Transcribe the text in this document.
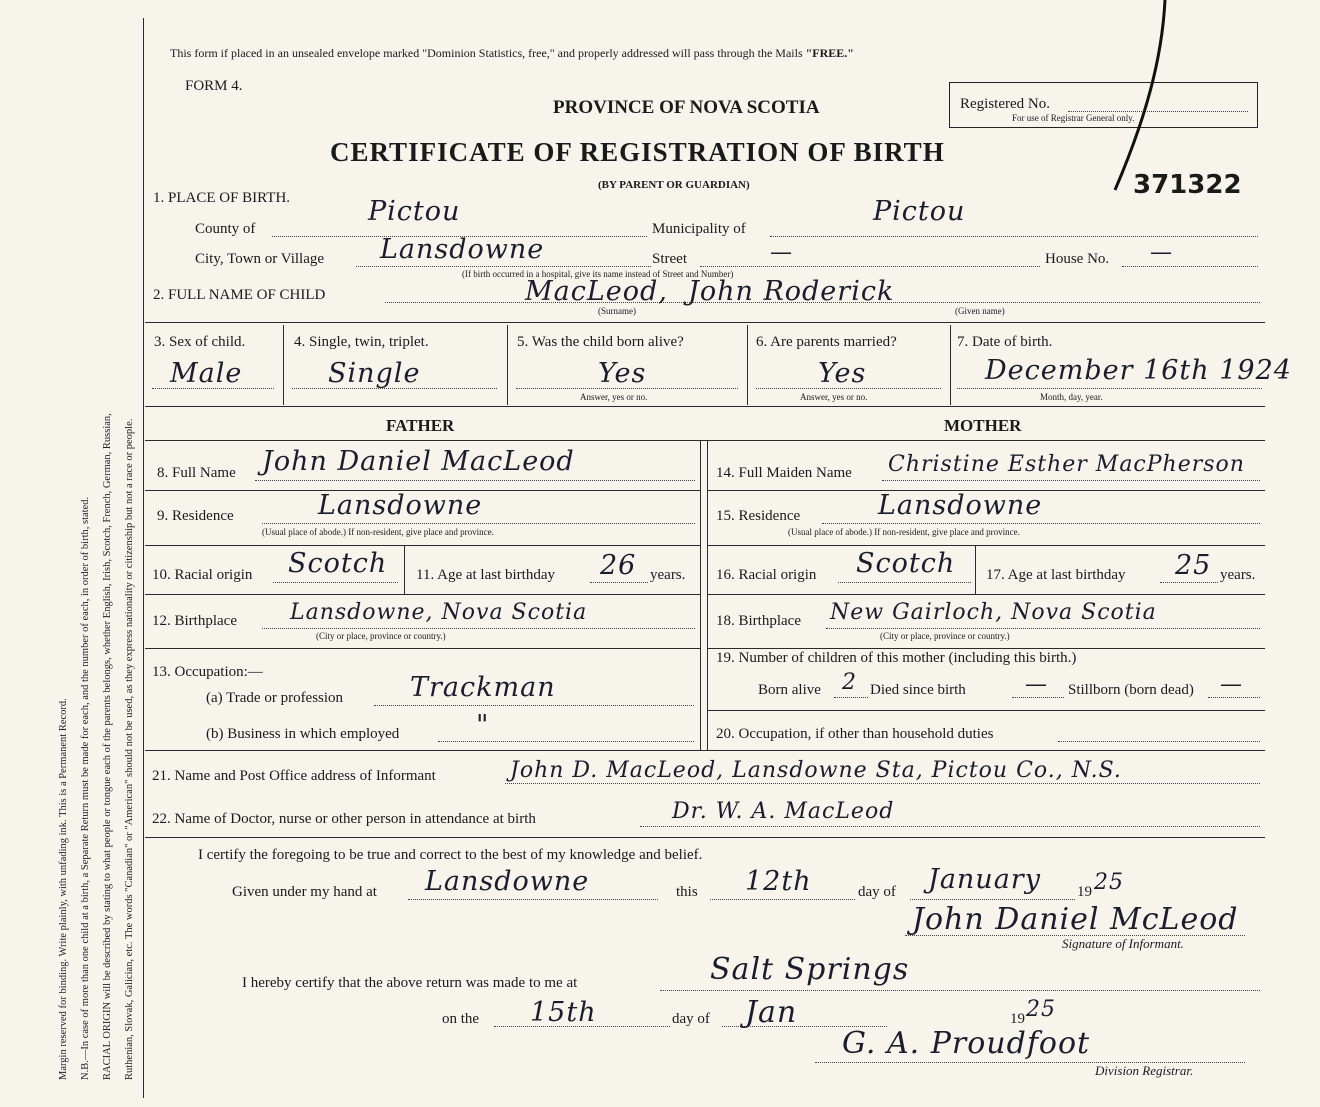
Margin reserved for binding. Write plainly, with unfading ink. This is a Permanent Record. N.B.—In case of more than one child at a birth, a Separate Return must be made for each, and the number of each, in order of birth, stated. RACIAL ORIGIN will be described by stating to what people or tongue each of the parents belongs, whether English, Irish, Scotch, French, German, Russian, Ruthenian, Slovak, Galician, etc. The words "Canadian" or "American" should not be used, as they express nationality or citizenship but not a race or people.
This form if placed in an unsealed envelope marked "Dominion Statistics, free," and properly addressed will pass through the Mails "FREE."
FORM 4.
PROVINCE OF NOVA SCOTIA
CERTIFICATE OF REGISTRATION OF BIRTH
(BY PARENT OR GUARDIAN)
Registered No.
For use of Registrar General only.
371322
1. PLACE OF BIRTH.
County of
Pictou
Municipality of
Pictou
City, Town or Village Lansdowne	Street	—	House No. —
(If birth occurred in a hospital, give its name instead of Street and Number)
2. FULL NAME OF CHILD	MacLeod, John Roderick
(Surname)	(Given name)
3. Sex of child.
Male
4. Single, twin, triplet.
Single
5. Was the child born alive?
Yes
Answer, yes or no.
6. Are parents married?
Yes
Answer, yes or no.
7. Date of birth.
December 16th 1924
Month, day, year.
FATHER	MOTHER
8. Full Name John Daniel MacLeod
9. Residence	Lansdowne
(Usual place of abode.) If non-resident, give place and province.
10. Racial origin Scotch 11. Age at last birthday 26 years.
12. Birthplace Lansdowne, Nova Scotia
(City or place, province or country.)
13. Occupation:—
(a) Trade or profession Trackman
(b) Business in which employed	"
14. Full Maiden Name Christine Esther MacPherson
15. Residence	Lansdowne
(Usual place of abode.) If non-resident, give place and province.
16. Racial origin Scotch 17. Age at last birthday 25 years.
18. Birthplace New Gairloch, Nova Scotia
(City or place, province or country.)
19. Number of children of this mother (including this birth.)
Born alive 2 Died since birth	— Stillborn (born dead) —
20. Occupation, if other than household duties
21. Name and Post Office address of Informant	John D. MacLeod, Lansdowne Sta, Pictou Co., N.S.
22. Name of Doctor, nurse or other person in attendance at birth	Dr. W. A. MacLeod
I certify the foregoing to be true and correct to the best of my knowledge and belief.
Given under my hand at Lansdowne	this 12th	day of January 19 25
John Daniel McLeod
Signature of Informant.
I hereby certify that the above return was made to me at	Salt Springs
on the 15th	day of Jan	19 25
G. A. Proudfoot
Division Registrar.
